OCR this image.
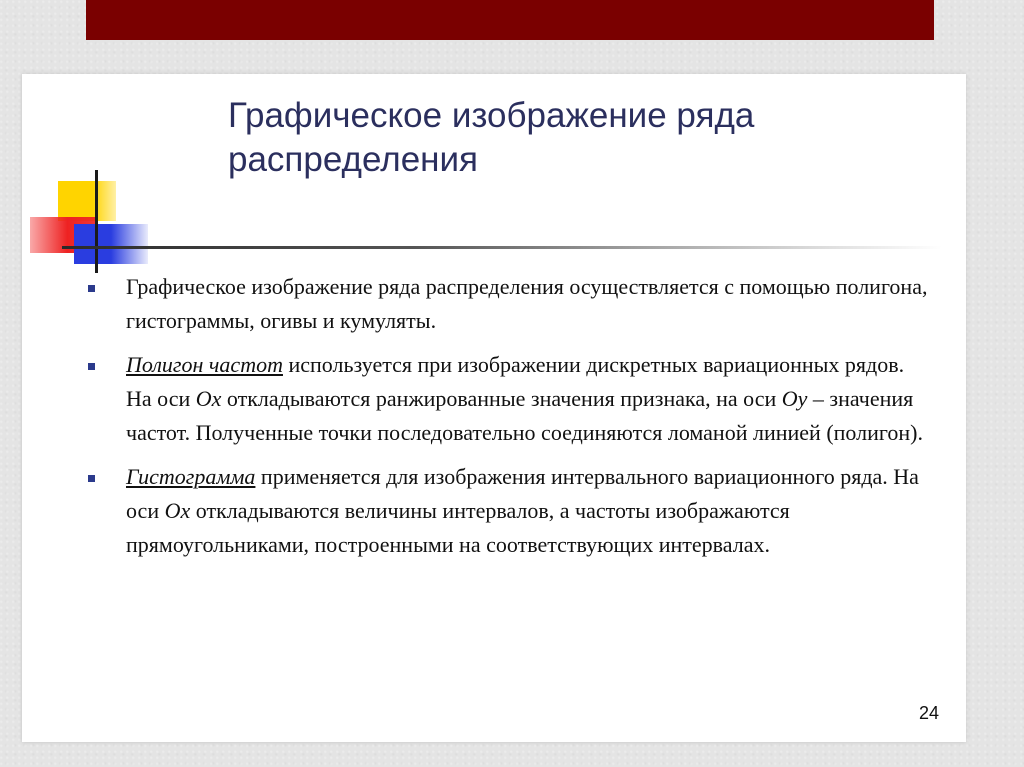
Графическое изображение ряда распределения
Графическое изображение ряда распределения осуществляется с помощью полигона, гистограммы, огивы и кумуляты.
Полигон частот используется при изображении дискретных вариационных рядов. На оси Ох откладываются ранжированные значения признака, на оси Оу – значения частот. Полученные точки последовательно соединяются ломаной линией (полигон).
Гистограмма применяется для изображения интервального вариационного ряда. На оси Ох откладываются величины интервалов, а частоты изображаются прямоугольниками, построенными на соответствующих интервалах.
24
